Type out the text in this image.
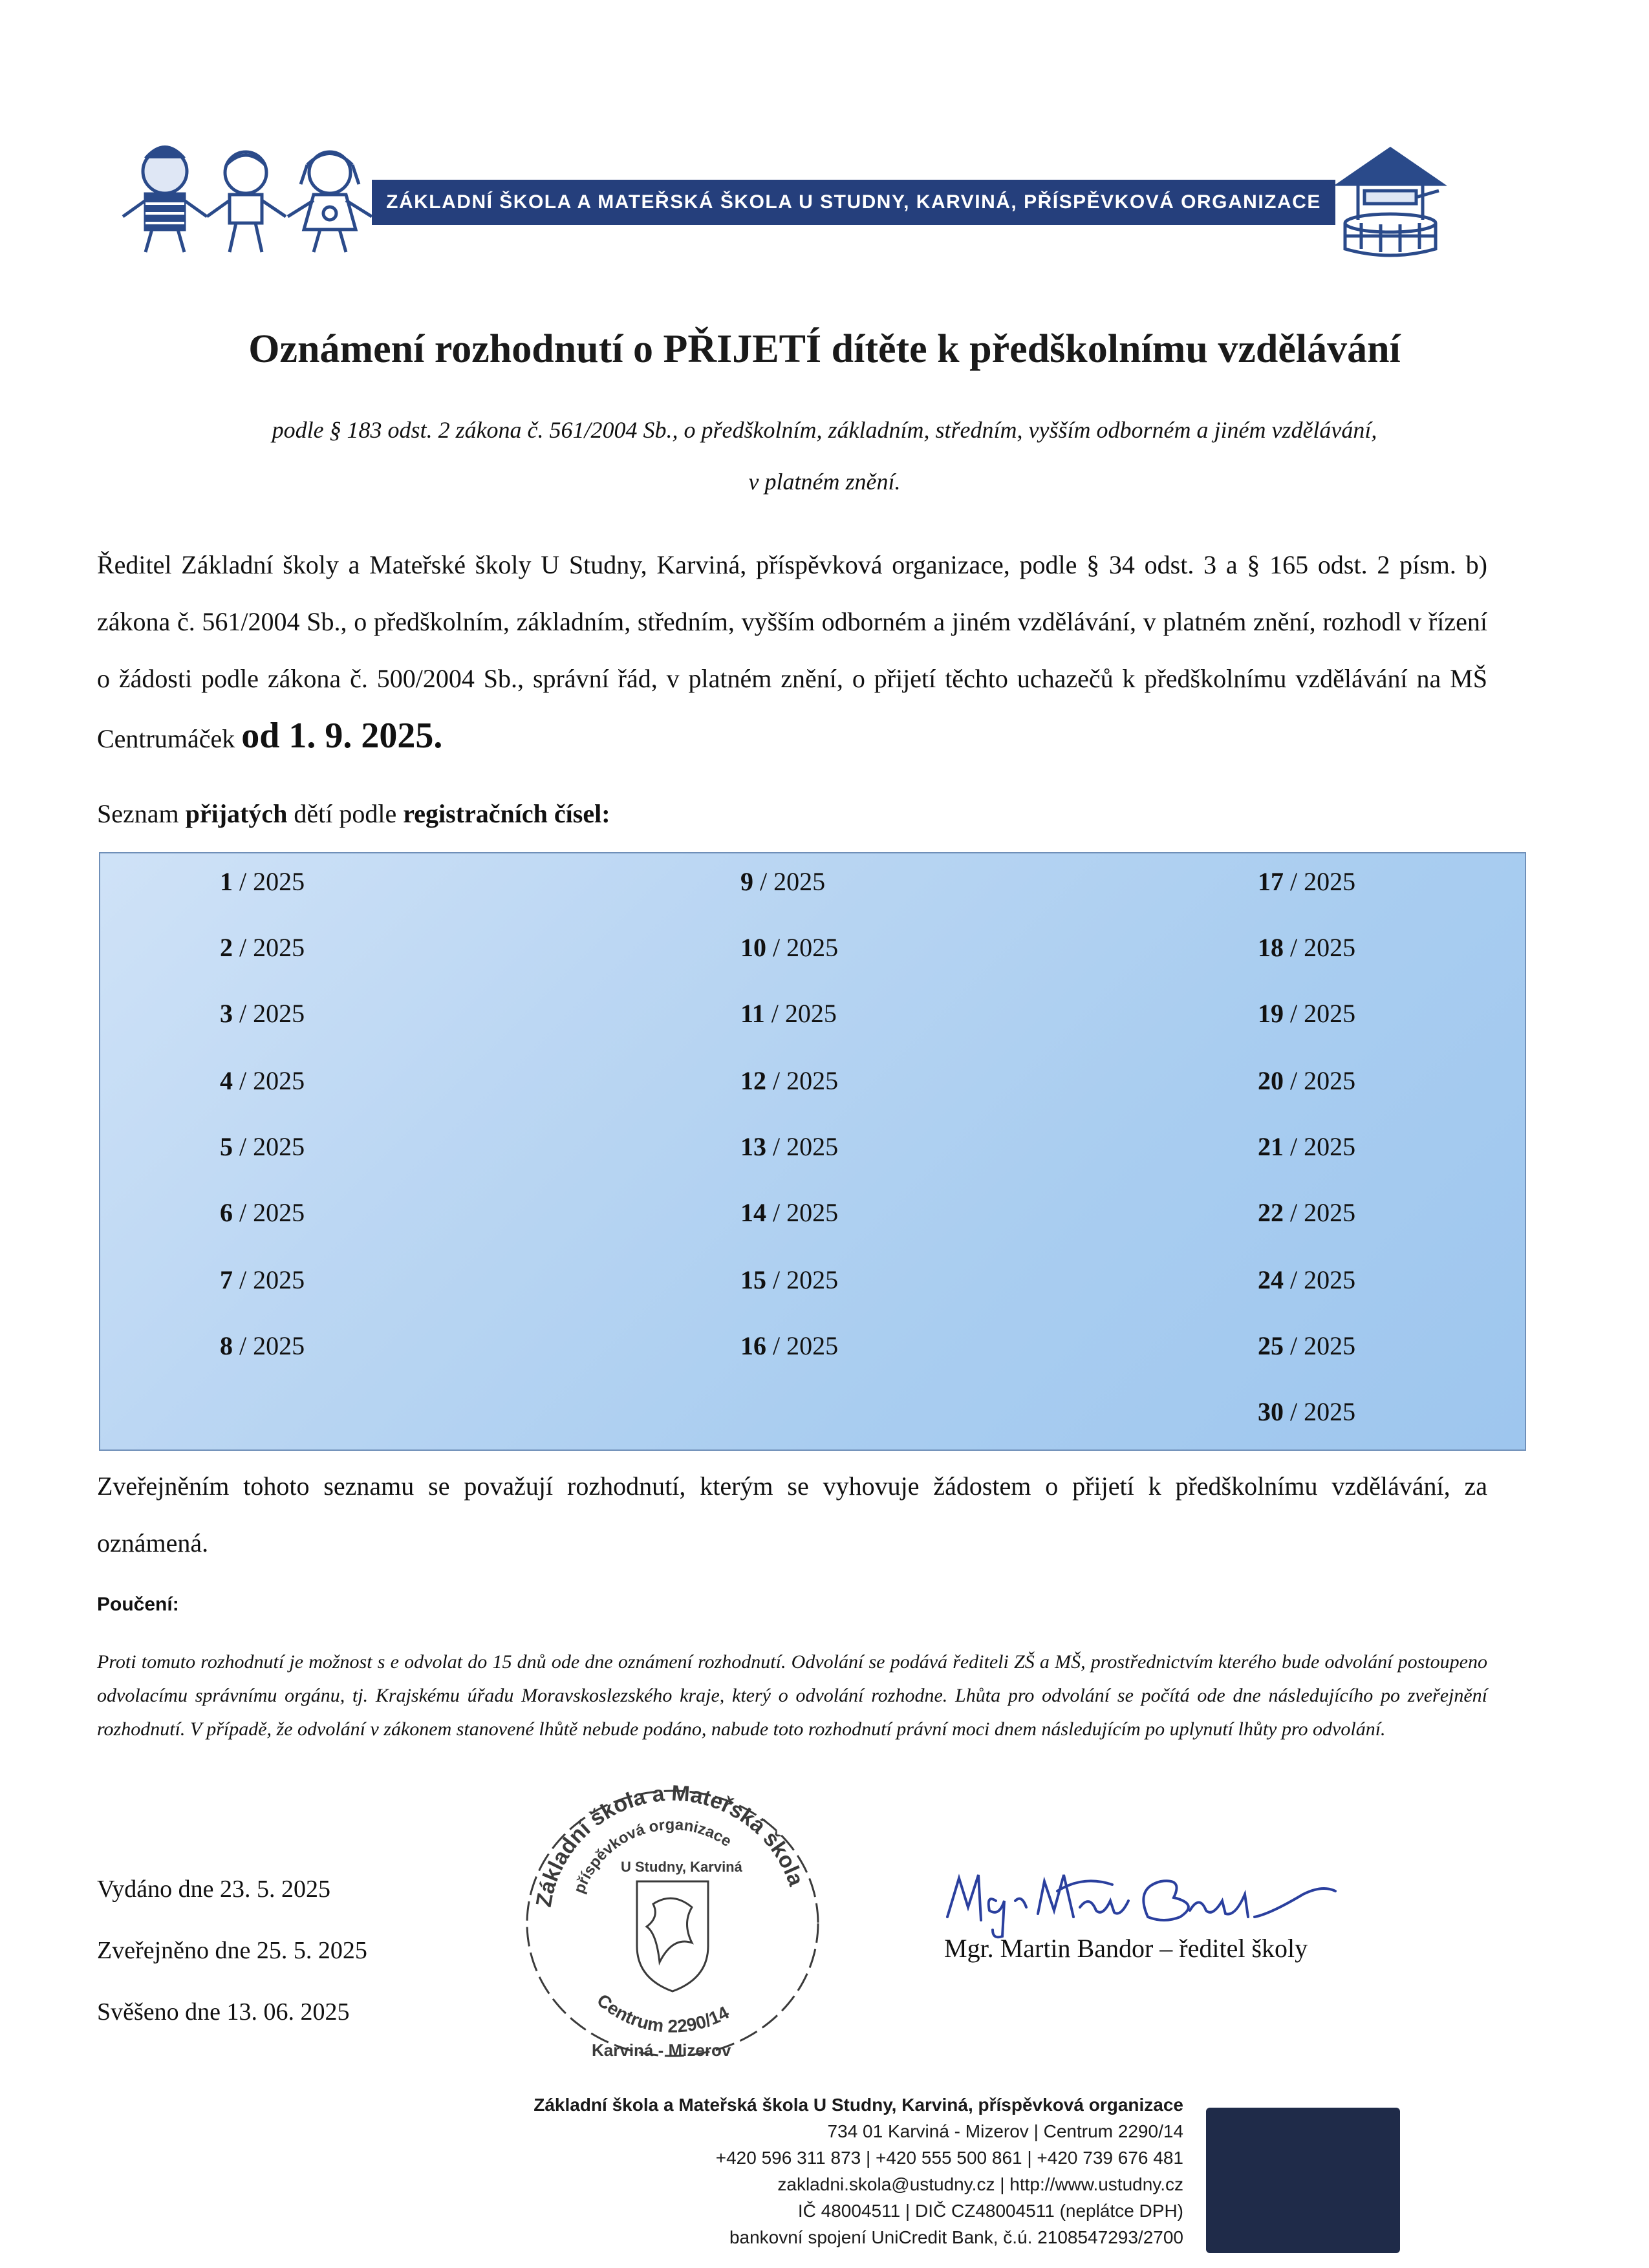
ZÁKLADNÍ ŠKOLA A MATEŘSKÁ ŠKOLA U STUDNY, KARVINÁ, PŘÍSPĚVKOVÁ ORGANIZACE
Oznámení rozhodnutí o PŘIJETÍ dítěte k předškolnímu vzdělávání
podle § 183 odst. 2 zákona č. 561/2004 Sb., o předškolním, základním, středním, vyšším odborném a jiném vzdělávání,
v platném znění.
Ředitel Základní školy a Mateřské školy U Studny, Karviná, příspěvková organizace, podle § 34 odst. 3 a § 165 odst. 2 písm. b) zákona č. 561/2004 Sb., o předškolním, základním, středním, vyšším odborném a jiném vzdělávání, v platném znění, rozhodl v řízení o žádosti podle zákona č. 500/2004 Sb., správní řád, v platném znění, o přijetí těchto uchazečů k předškolnímu vzdělávání na MŠ Centrumáček od 1. 9. 2025.
Seznam přijatých dětí podle registračních čísel:
1 / 2025
2 / 2025
3 / 2025
4 / 2025
5 / 2025
6 / 2025
7 / 2025
8 / 2025
9 / 2025
10 / 2025
11 / 2025
12 / 2025
13 / 2025
14 / 2025
15 / 2025
16 / 2025
17 / 2025
18 / 2025
19 / 2025
20 / 2025
21 / 2025
22 / 2025
24 / 2025
25 / 2025
30 / 2025
Zveřejněním tohoto seznamu se považují rozhodnutí, kterým se vyhovuje žádostem o přijetí k předškolnímu vzdělávání, za oznámená.
Poučení:
Proti tomuto rozhodnutí je možnost s e odvolat do 15 dnů ode dne oznámení rozhodnutí. Odvolání se podává řediteli ZŠ a MŠ, prostřednictvím kterého bude odvolání postoupeno odvolacímu správnímu orgánu, tj. Krajskému úřadu Moravskoslezského kraje, který o odvolání rozhodne. Lhůta pro odvolání se počítá ode dne následujícího po zveřejnění rozhodnutí. V případě, že odvolání v zákonem stanovené lhůtě nebude podáno, nabude toto rozhodnutí právní moci dnem následujícím po uplynutí lhůty pro odvolání.
Vydáno dne 23. 5. 2025
Zveřejněno dne 25. 5. 2025
Svěšeno dne 13. 06. 2025
Základní škola a Mateřská škola
příspěvková organizace
U Studny, Karviná
Centrum 2290/14
Karviná - Mizerov
Mgr. Martin Bandor – ředitel školy
Základní škola a Mateřská škola U Studny, Karviná, příspěvková organizace
734 01 Karviná - Mizerov | Centrum 2290/14
+420 596 311 873 | +420 555 500 861 | +420 739 676 481
zakladni.skola@ustudny.cz | http://www.ustudny.cz
IČ 48004511 | DIČ CZ48004511 (neplátce DPH)
bankovní spojení UniCredit Bank, č.ú. 2108547293/2700
